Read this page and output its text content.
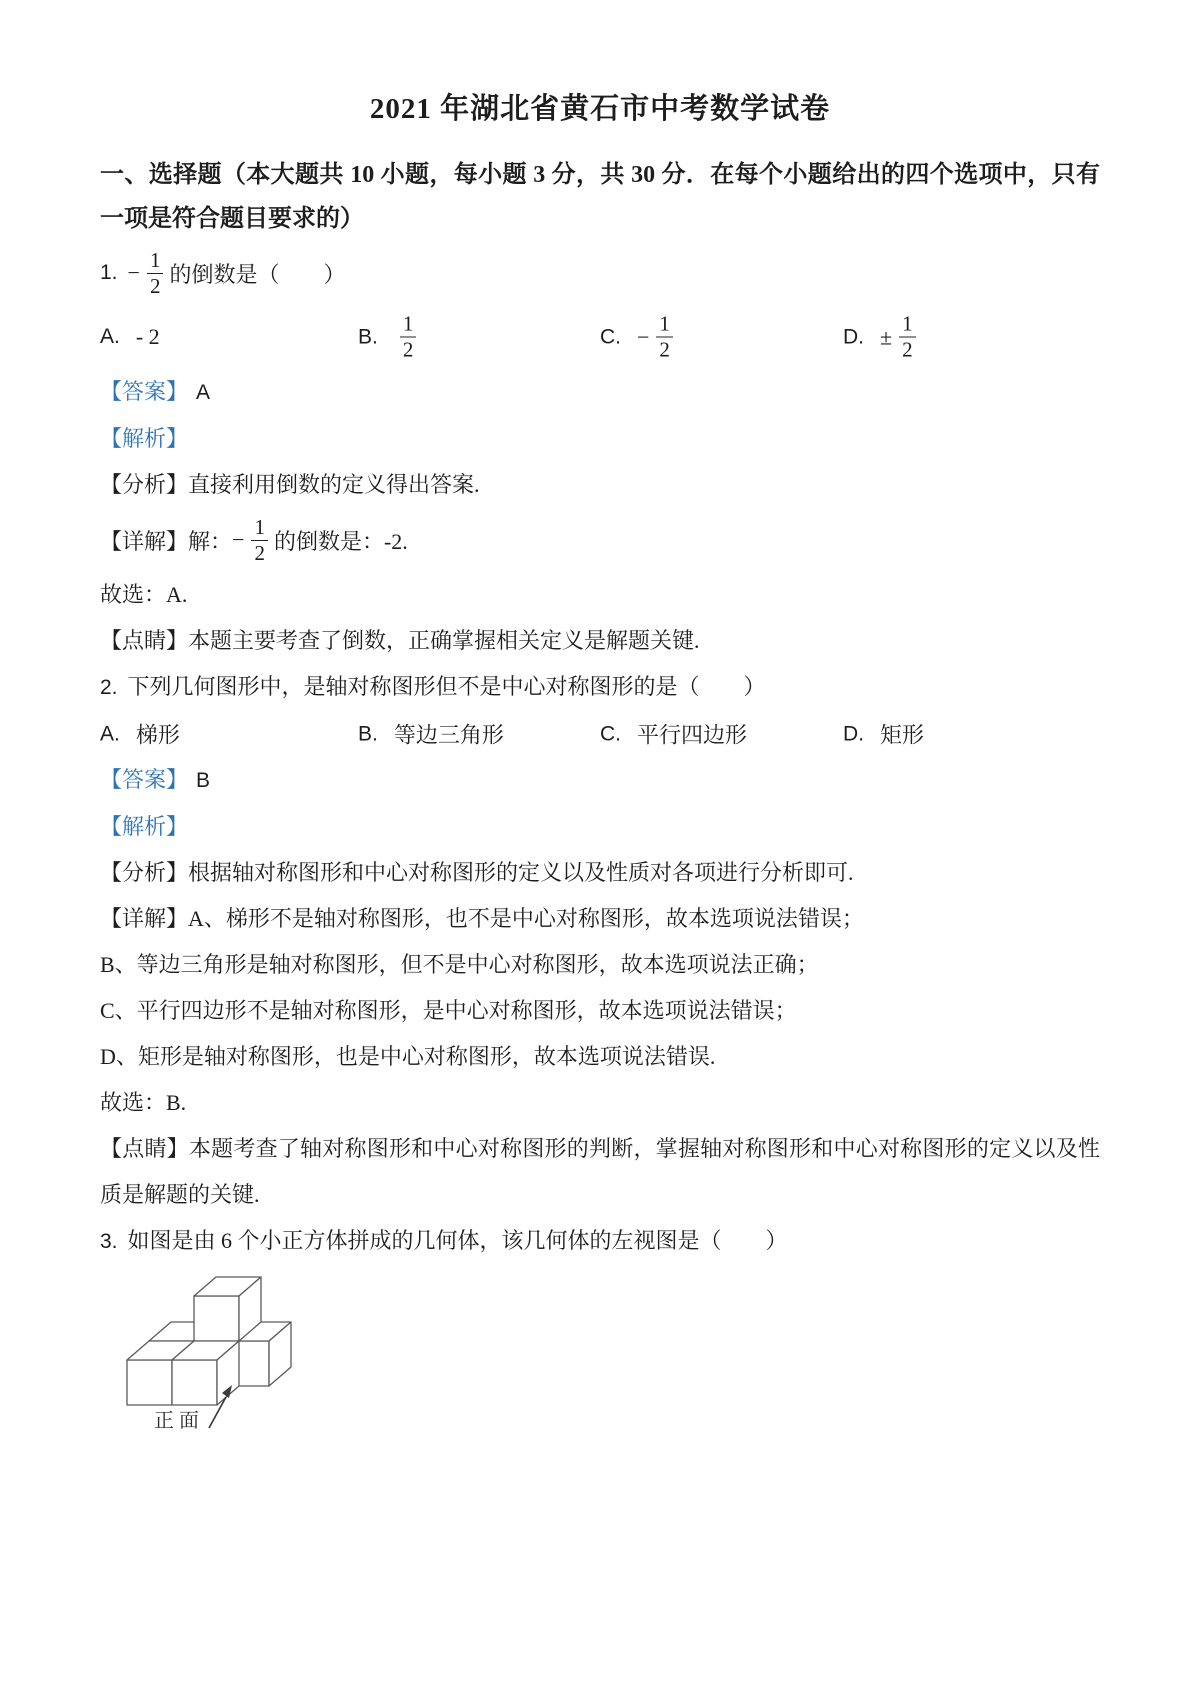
2021 年湖北省黄石市中考数学试卷

一、选择题（本大题共 10 小题，每小题 3 分，共 30 分．在每个小题给出的四个选项中，只有一项是符合题目要求的）

1. − $\frac{1}{2}$ 的倒数是（　　）
A. - 2	B. $\frac{1}{2}$	C. − $\frac{1}{2}$	D. ± $\frac{1}{2}$

【答案】 A

【解析】

【分析】直接利用倒数的定义得出答案.

【详解】解： − $\frac{1}{2}$ 的倒数是：-2.

故选：A.

【点睛】本题主要考查了倒数，正确掌握相关定义是解题关键.

2. 下列几何图形中，是轴对称图形但不是中心对称图形的是（　　）

A. 梯形	B. 等边三角形	C. 平行四边形	D. 矩形

【答案】 B

【解析】

【分析】根据轴对称图形和中心对称图形的定义以及性质对各项进行分析即可.

【详解】A、梯形不是轴对称图形，也不是中心对称图形，故本选项说法错误；

B、等边三角形是轴对称图形，但不是中心对称图形，故本选项说法正确；

C、平行四边形不是轴对称图形，是中心对称图形，故本选项说法错误；

D、矩形是轴对称图形，也是中心对称图形，故本选项说法错误.

故选：B.

【点睛】本题考查了轴对称图形和中心对称图形的判断，掌握轴对称图形和中心对称图形的定义以及性质是解题的关键.

3. 如图是由 6 个小正方体拼成的几何体，该几何体的左视图是（　　）

正面
